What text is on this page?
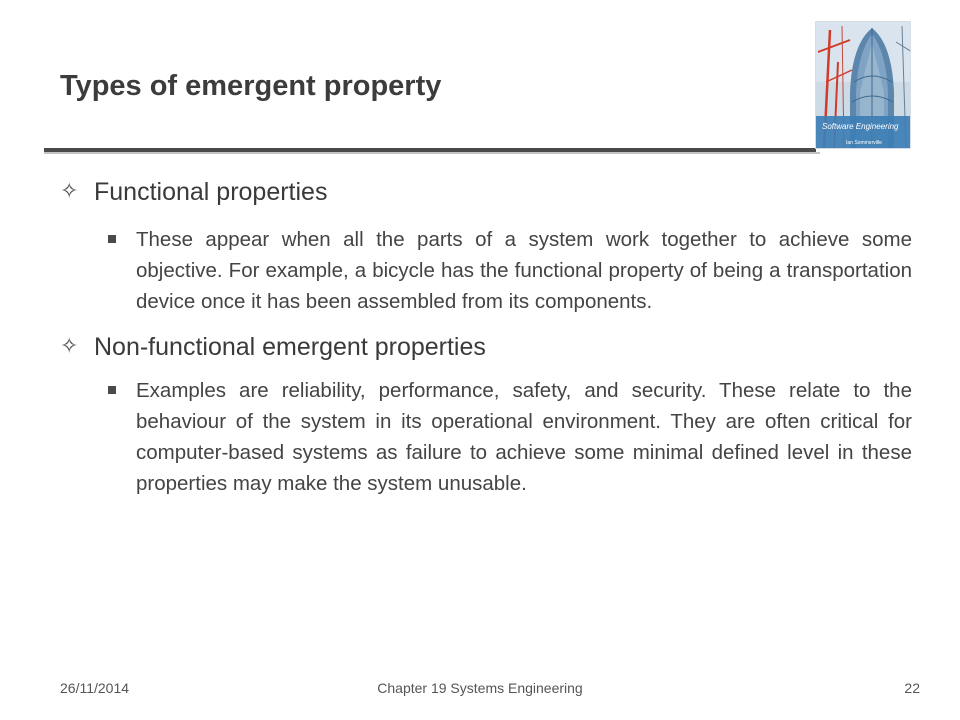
Types of emergent property
Software Engineering
Ian Sommerville
✧ Functional properties
These appear when all the parts of a system work together to achieve some objective. For example, a bicycle has the functional property of being a transportation device once it has been assembled from its components.
✧ Non-functional emergent properties
Examples are reliability, performance, safety, and security. These relate to the behaviour of the system in its operational environment. They are often critical for computer-based systems as failure to achieve some minimal defined level in these properties may make the system unusable.
26/11/2014	Chapter 19 Systems Engineering	22
